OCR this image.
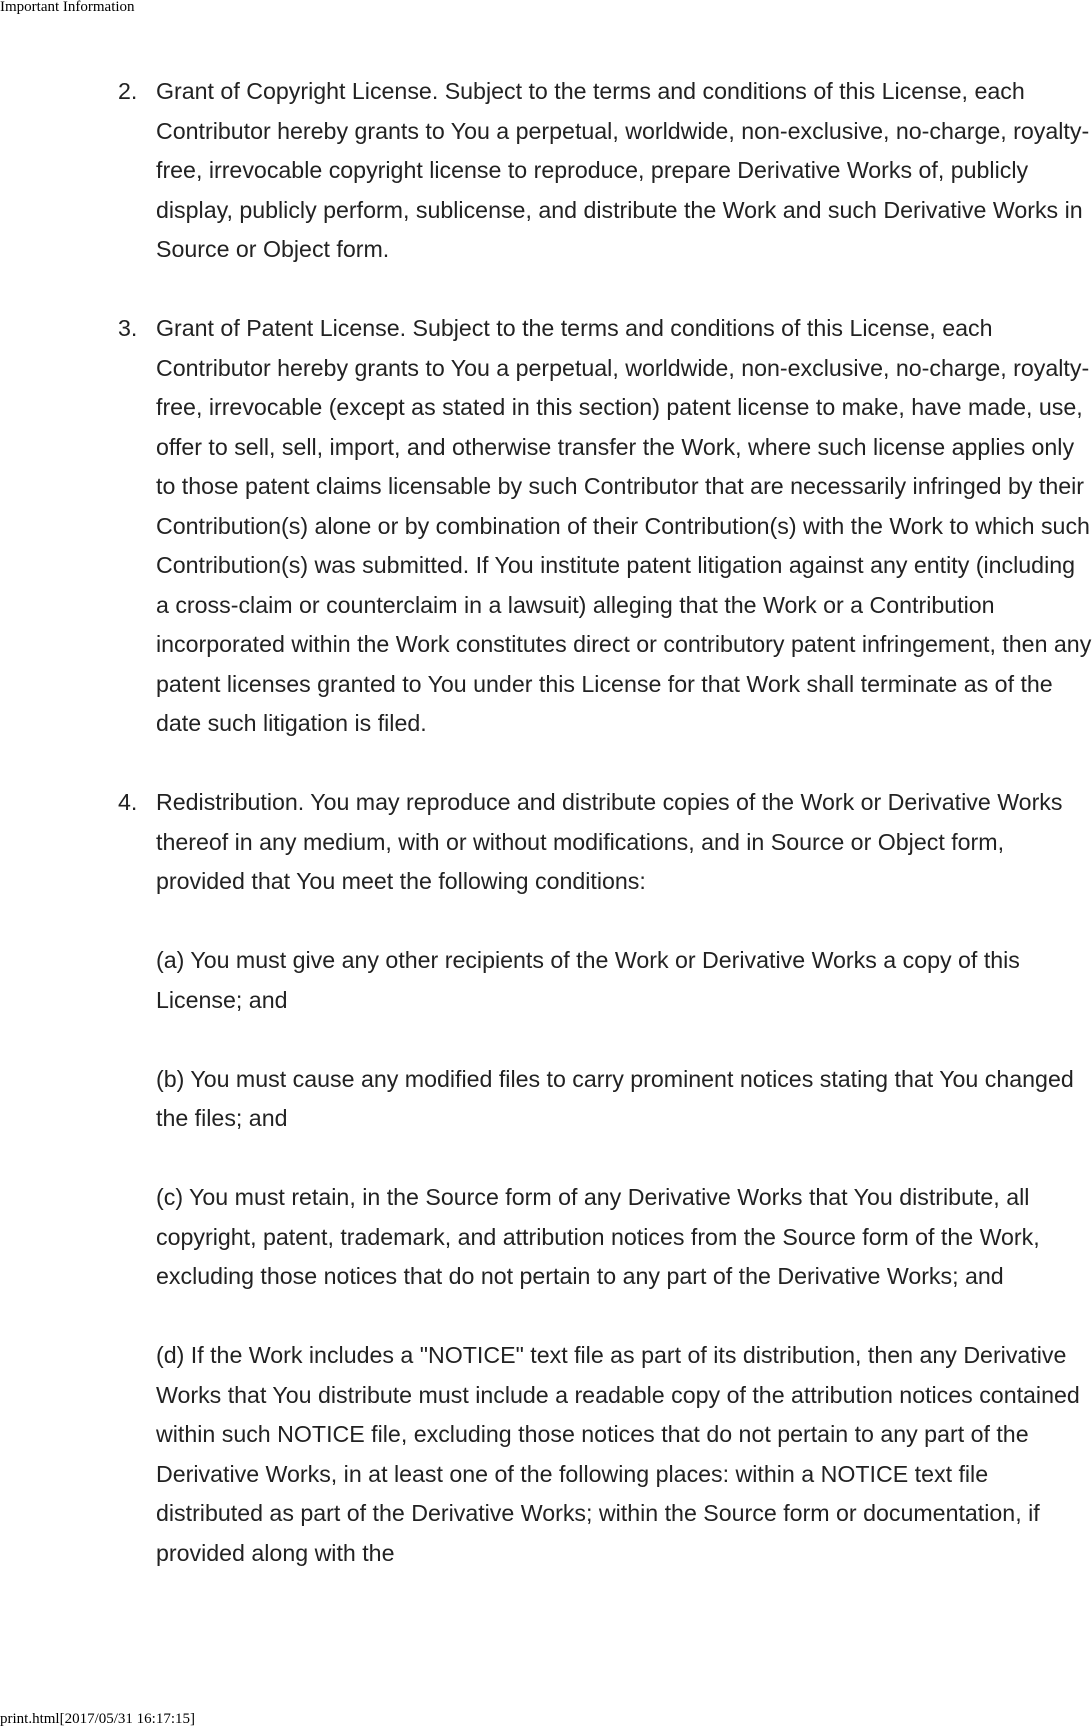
Important Information
2. Grant of Copyright License. Subject to the terms and conditions of this License, each Contributor hereby grants to You a perpetual, worldwide, non-exclusive, no-charge, royalty-free, irrevocable copyright license to reproduce, prepare Derivative Works of, publicly display, publicly perform, sublicense, and distribute the Work and such Derivative Works in Source or Object form.

3. Grant of Patent License. Subject to the terms and conditions of this License, each Contributor hereby grants to You a perpetual, worldwide, non-exclusive, no-charge, royalty-free, irrevocable (except as stated in this section) patent license to make, have made, use, offer to sell, sell, import, and otherwise transfer the Work, where such license applies only to those patent claims licensable by such Contributor that are necessarily infringed by their Contribution(s) alone or by combination of their Contribution(s) with the Work to which such Contribution(s) was submitted. If You institute patent litigation against any entity (including a cross-claim or counterclaim in a lawsuit) alleging that the Work or a Contribution incorporated within the Work constitutes direct or contributory patent infringement, then any patent licenses granted to You under this License for that Work shall terminate as of the date such litigation is filed.

4. Redistribution. You may reproduce and distribute copies of the Work or Derivative Works thereof in any medium, with or without modifications, and in Source or Object form, provided that You meet the following conditions:

(a) You must give any other recipients of the Work or Derivative Works a copy of this License; and

(b) You must cause any modified files to carry prominent notices stating that You changed the files; and

(c) You must retain, in the Source form of any Derivative Works that You distribute, all copyright, patent, trademark, and attribution notices from the Source form of the Work, excluding those notices that do not pertain to any part of the Derivative Works; and

(d) If the Work includes a "NOTICE" text file as part of its distribution, then any Derivative Works that You distribute must include a readable copy of the attribution notices contained within such NOTICE file, excluding those notices that do not pertain to any part of the Derivative Works, in at least one of the following places: within a NOTICE text file distributed as part of the Derivative Works; within the Source form or documentation, if provided along with the

print.html[2017/05/31 16:17:15]
